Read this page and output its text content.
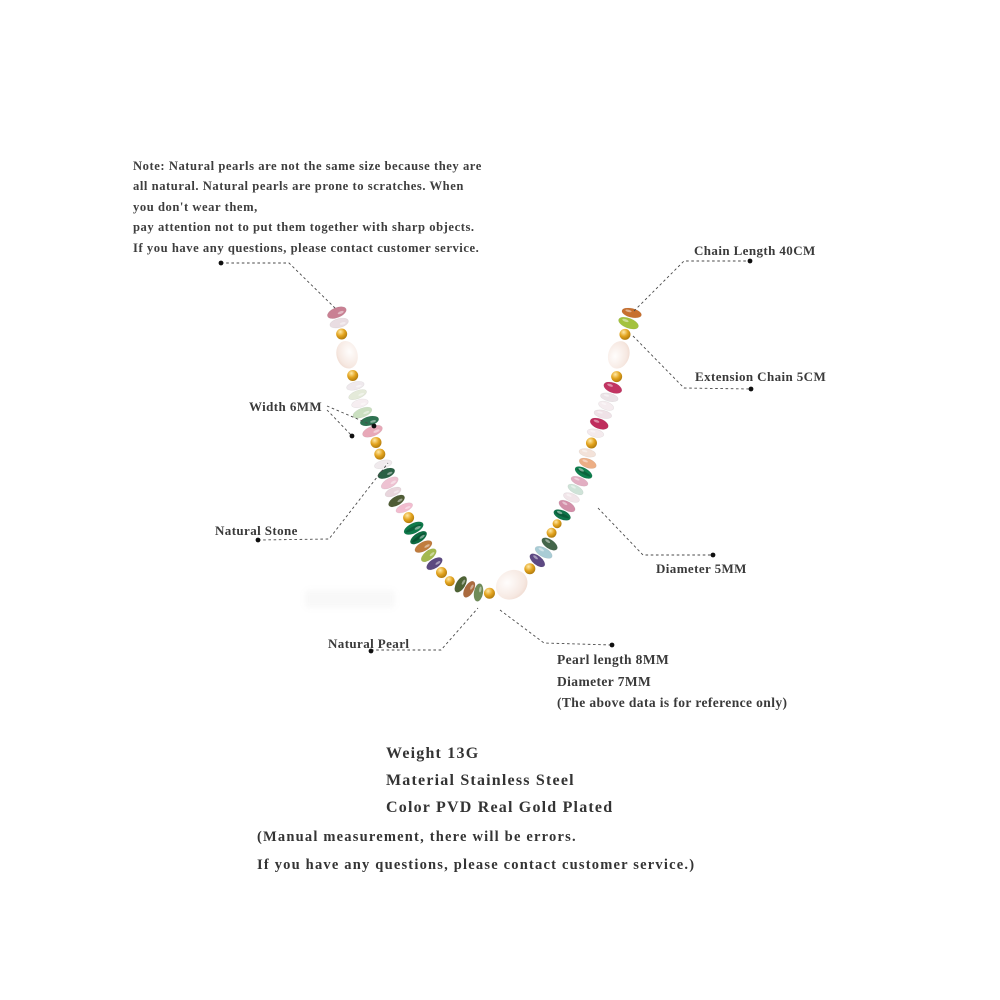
Note: Natural pearls are not the same size because they are
all natural. Natural pearls are prone to scratches. When
you don't wear them,
pay attention not to put them together with sharp objects.
If you have any questions, please contact customer service.	Chain Length 40CM
Extension Chain 5CM
Width 6MM
Natural Stone
Diameter 5MM
Natural Pearl
Pearl length 8MM
Diameter 7MM
(The above data is for reference only)
Weight 13G
Material Stainless Steel
Color PVD Real Gold Plated
(Manual measurement, there will be errors.
If you have any questions, please contact customer service.)
